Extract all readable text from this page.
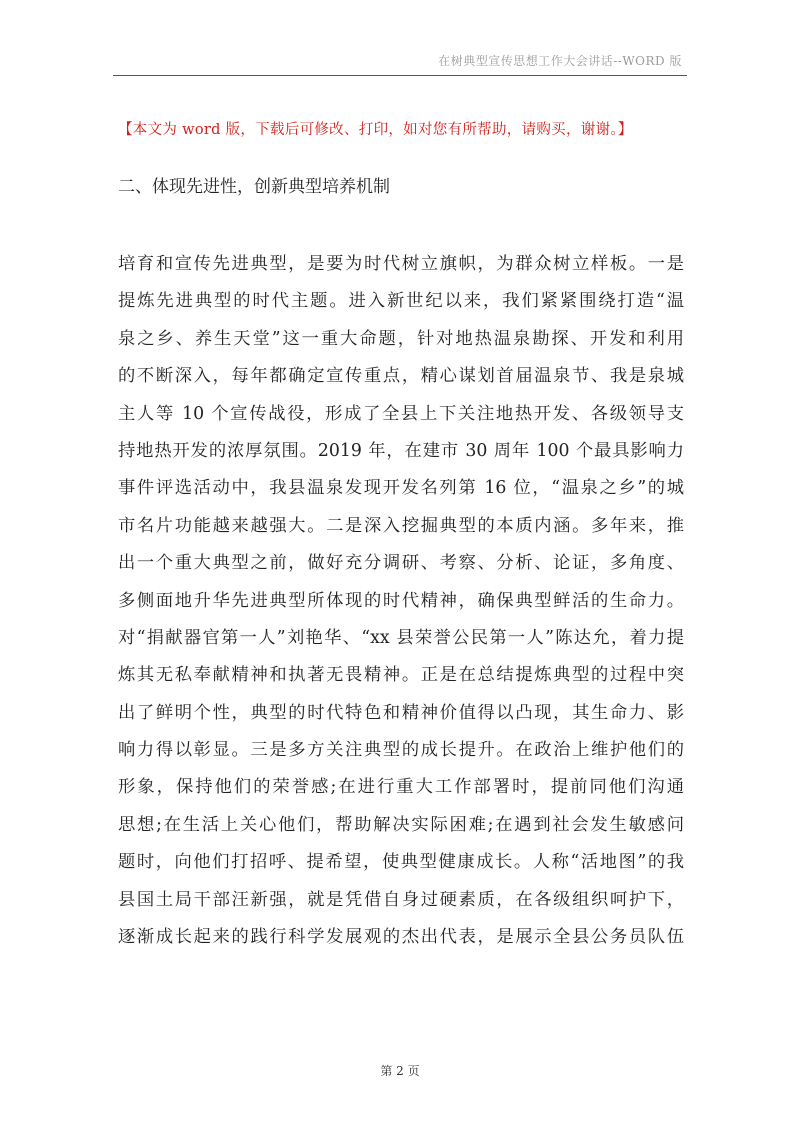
在树典型宣传思想工作大会讲话--WORD 版
【本文为 word 版，下载后可修改、打印，如对您有所帮助，请购买，谢谢。】
二、体现先进性，创新典型培养机制
培育和宣传先进典型，是要为时代树立旗帜，为群众树立样板。一是
提炼先进典型的时代主题。进入新世纪以来，我们紧紧围绕打造“温
泉之乡、养生天堂”这一重大命题，针对地热温泉勘探、开发和利用
的不断深入，每年都确定宣传重点，精心谋划首届温泉节、我是泉城
主人等 10 个宣传战役，形成了全县上下关注地热开发、各级领导支
持地热开发的浓厚氛围。2019 年，在建市 30 周年 100 个最具影响力
事件评选活动中，我县温泉发现开发名列第 16 位，“温泉之乡”的城
市名片功能越来越强大。二是深入挖掘典型的本质内涵。多年来，推
出一个重大典型之前，做好充分调研、考察、分析、论证，多角度、
多侧面地升华先进典型所体现的时代精神，确保典型鲜活的生命力。
对“捐献器官第一人”刘艳华、“xx 县荣誉公民第一人”陈达允，着力提
炼其无私奉献精神和执著无畏精神。正是在总结提炼典型的过程中突
出了鲜明个性，典型的时代特色和精神价值得以凸现，其生命力、影
响力得以彰显。三是多方关注典型的成长提升。在政治上维护他们的
形象，保持他们的荣誉感;在进行重大工作部署时，提前同他们沟通
思想;在生活上关心他们，帮助解决实际困难;在遇到社会发生敏感问
题时，向他们打招呼、提希望，使典型健康成长。人称“活地图”的我
县国土局干部汪新强，就是凭借自身过硬素质，在各级组织呵护下，
逐渐成长起来的践行科学发展观的杰出代表，是展示全县公务员队伍
第 2 页
